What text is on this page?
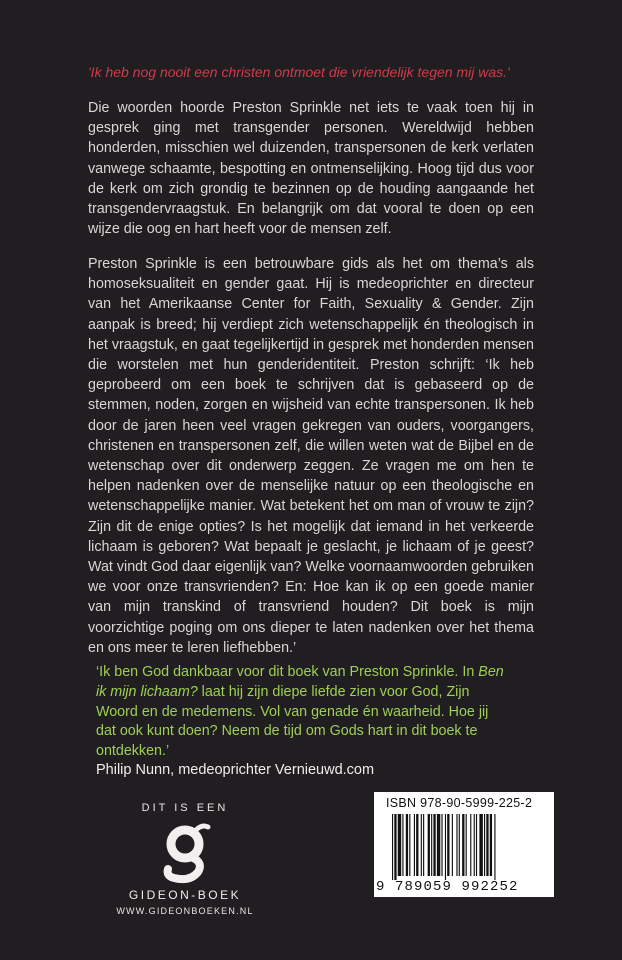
'Ik heb nog nooit een christen ontmoet die vriendelijk tegen mij was.'

Die woorden hoorde Preston Sprinkle net iets te vaak toen hij in gesprek ging met transgender personen. Wereldwijd hebben honderden, misschien wel duizenden, transpersonen de kerk verlaten vanwege schaamte, bespotting en ontmenselijking. Hoog tijd dus voor de kerk om zich grondig te bezinnen op de houding aangaande het transgendervraagstuk. En belangrijk om dat vooral te doen op een wijze die oog en hart heeft voor de mensen zelf.

Preston Sprinkle is een betrouwbare gids als het om thema’s als homoseksualiteit en gender gaat. Hij is medeoprichter en directeur van het Amerikaanse Center for Faith, Sexuality & Gender. Zijn aanpak is breed; hij verdiept zich wetenschappelijk én theologisch in het vraagstuk, en gaat tegelijkertijd in gesprek met honderden mensen die worstelen met hun genderidentiteit. Preston schrijft: ‘Ik heb geprobeerd om een boek te schrijven dat is gebaseerd op de stemmen, noden, zorgen en wijsheid van echte transpersonen. Ik heb door de jaren heen veel vragen gekregen van ouders, voorgangers, christenen en transpersonen zelf, die willen weten wat de Bijbel en de wetenschap over dit onderwerp zeggen. Ze vragen me om hen te helpen nadenken over de menselijke natuur op een theologische en wetenschappelijke manier. Wat betekent het om man of vrouw te zijn? Zijn dit de enige opties? Is het mogelijk dat iemand in het verkeerde lichaam is geboren? Wat bepaalt je geslacht, je lichaam of je geest? Wat vindt God daar eigenlijk van? Welke voornaamwoorden gebruiken we voor onze transvrienden? En: Hoe kan ik op een goede manier van mijn transkind of transvriend houden? Dit boek is mijn voorzichtige poging om ons dieper te laten nadenken over het thema en ons meer te leren liefhebben.’

‘Ik ben God dankbaar voor dit boek van Preston Sprinkle. In Ben ik mijn lichaam? laat hij zijn diepe liefde zien voor God, Zijn Woord en de medemens. Vol van genade én waarheid. Hoe jij dat ook kunt doen? Neem de tijd om Gods hart in dit boek te ontdekken.’

Philip Nunn, medeoprichter Vernieuwd.com

DIT IS EEN
GIDEON-BOEK
WWW.GIDEONBOEKEN.NL
ISBN 978-90-5999-225-2
9 789059 992252
